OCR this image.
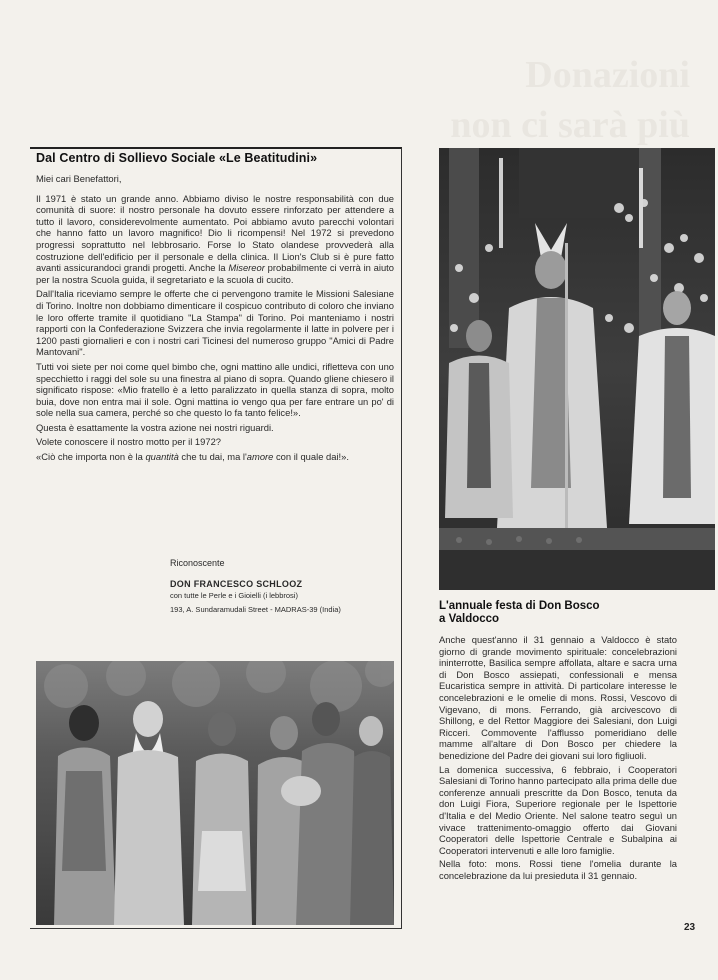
Donazioni
non ci sarà più
Dal Centro di Sollievo Sociale «Le Beatitudini»

Miei cari Benefattori,

Il 1971 è stato un grande anno. Abbiamo diviso le nostre responsabilità con due comunità di suore: il nostro personale ha dovuto essere rinforzato per attendere a tutto il lavoro, considerevolmente aumentato. Poi abbiamo avuto parecchi volontari che hanno fatto un lavoro magnifico! Dio li ricompensi! Nel 1972 si prevedono progressi soprattutto nel lebbrosario. Forse lo Stato olandese provvederà alla costruzione dell'edificio per il personale e della clinica. Il Lion's Club si è pure fatto avanti assicurandoci grandi progetti. Anche la Misereor probabilmente ci verrà in aiuto per la nostra Scuola guida, il segretariato e la scuola di cucito.

Dall'Italia riceviamo sempre le offerte che ci pervengono tramite le Missioni Salesiane di Torino. Inoltre non dobbiamo dimenticare il cospicuo contributo di coloro che inviano le loro offerte tramite il quotidiano "La Stampa" di Torino. Poi manteniamo i nostri rapporti con la Confederazione Svizzera che invia regolarmente il latte in polvere per i 1200 pasti giornalieri e con i nostri cari Ticinesi del numeroso gruppo "Amici di Padre Mantovani".

Tutti voi siete per noi come quel bimbo che, ogni mattino alle undici, rifletteva con uno specchietto i raggi del sole su una finestra al piano di sopra. Quando gliene chiesero il significato rispose: «Mio fratello è a letto paralizzato in quella stanza di sopra, molto buia, dove non entra mai il sole. Ogni mattina io vengo qua per fare entrare un po' di sole nella sua camera, perché so che questo lo fa tanto felice!».

Questa è esattamente la vostra azione nei nostri riguardi.

Volete conoscere il nostro motto per il 1972?

«Ciò che importa non è la quantità che tu dai, ma l'amore con il quale dai!».

Riconoscente
DON FRANCESCO SCHLOOZ
con tutte le Perle e i Gioielli (i lebbrosi)
193, A. Sundaramudali Street - MADRAS-39 (India)	L'annuale festa di Don Bosco
a Valdocco

Anche quest'anno il 31 gennaio a Valdocco è stato giorno di grande movimento spirituale: concelebrazioni ininterrotte, Basilica sempre affollata, altare e sacra urna di Don Bosco assiepati, confessionali e mensa Eucaristica sempre in attività. Di particolare interesse le concelebrazioni e le omelie di mons. Rossi, Vescovo di Vigevano, di mons. Ferrando, già arcivescovo di Shillong, e del Rettor Maggiore dei Salesiani, don Luigi Ricceri. Commovente l'afflusso pomeridiano delle mamme all'altare di Don Bosco per chiedere la benedizione del Padre dei giovani sui loro figliuoli.

La domenica successiva, 6 febbraio, i Cooperatori Salesiani di Torino hanno partecipato alla prima delle due conferenze annuali prescritte da Don Bosco, tenuta da don Luigi Fiora, Superiore regionale per le Ispettorie d'Italia e del Medio Oriente. Nel salone teatro seguì un vivace trattenimento-omaggio offerto dai Giovani Cooperatori delle Ispettorie Centrale e Subalpina ai Cooperatori intervenuti e alle loro famiglie.

Nella foto: mons. Rossi tiene l'omelia durante la concelebrazione da lui presieduta il 31 gennaio.

23
